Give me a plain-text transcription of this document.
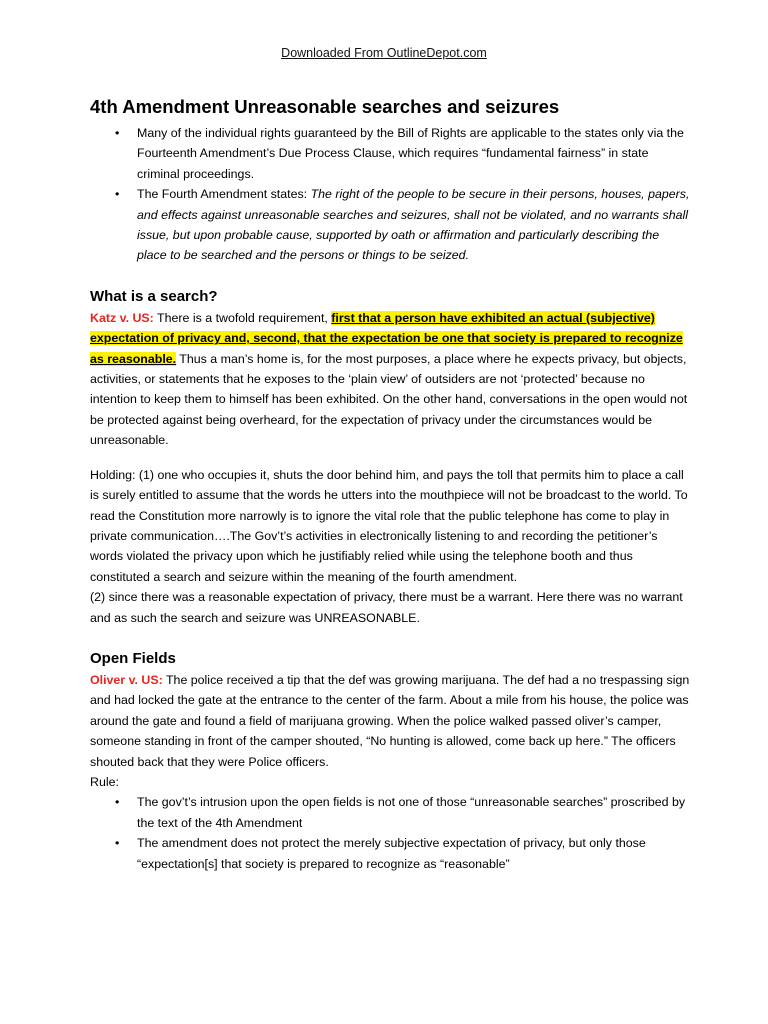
Downloaded From OutlineDepot.com
4th Amendment Unreasonable searches and seizures
• Many of the individual rights guaranteed by the Bill of Rights are applicable to the states only via the Fourteenth Amendment’s Due Process Clause, which requires “fundamental fairness” in state criminal proceedings.
• The Fourth Amendment states: The right of the people to be secure in their persons, houses, papers, and effects against unreasonable searches and seizures, shall not be violated, and no warrants shall issue, but upon probable cause, supported by oath or affirmation and particularly describing the place to be searched and the persons or things to be seized.
What is a search?

Katz v. US: There is a twofold requirement, first that a person have exhibited an actual (subjective) expectation of privacy and, second, that the expectation be one that society is prepared to recognize as reasonable. Thus a man’s home is, for the most purposes, a place where he expects privacy, but objects, activities, or statements that he exposes to the ‘plain view’ of outsiders are not ‘protected’ because no intention to keep them to himself has been exhibited. On the other hand, conversations in the open would not be protected against being overheard, for the expectation of privacy under the circumstances would be unreasonable.

Holding: (1) one who occupies it, shuts the door behind him, and pays the toll that permits him to place a call is surely entitled to assume that the words he utters into the mouthpiece will not be broadcast to the world. To read the Constitution more narrowly is to ignore the vital role that the public telephone has come to play in private communication….The Gov’t’s activities in electronically listening to and recording the petitioner’s words violated the privacy upon which he justifiably relied while using the telephone booth and thus constituted a search and seizure within the meaning of the fourth amendment.

(2) since there was a reasonable expectation of privacy, there must be a warrant. Here there was no warrant and as such the search and seizure was UNREASONABLE.

Open Fields

Oliver v. US: The police received a tip that the def was growing marijuana. The def had a no trespassing sign and had locked the gate at the entrance to the center of the farm. About a mile from his house, the police was around the gate and found a field of marijuana growing. When the police walked passed oliver’s camper, someone standing in front of the camper shouted, “No hunting is allowed, come back up here.” The officers shouted back that they were Police officers.

Rule:

• The gov’t’s intrusion upon the open fields is not one of those “unreasonable searches” proscribed by the text of the 4th Amendment
• The amendment does not protect the merely subjective expectation of privacy, but only those “expectation[s] that society is prepared to recognize as “reasonable”
